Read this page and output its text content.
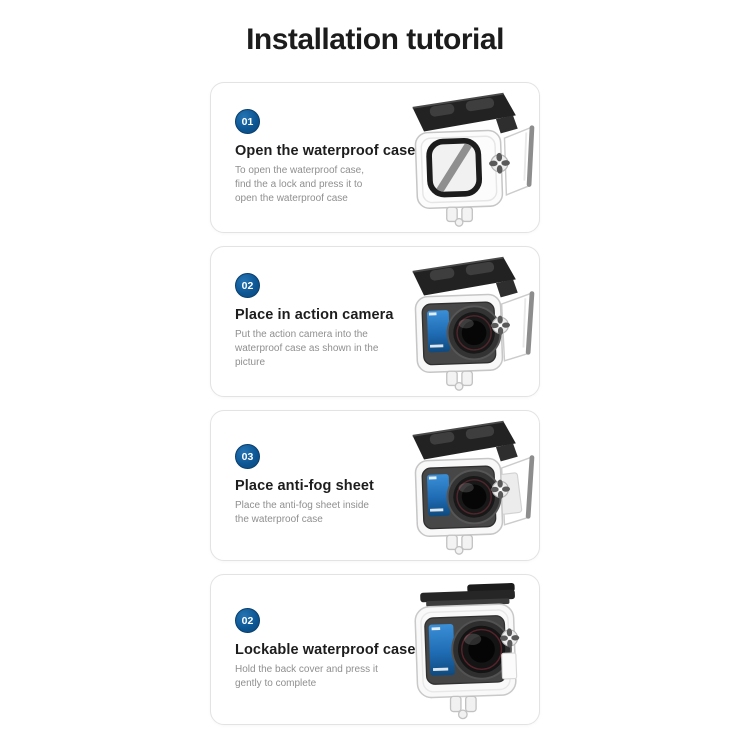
Installation tutorial
01
Open the waterproof case

To open the waterproof case, find the a lock and press it to open the waterproof case

02
Place in action camera

Put the action camera into the waterproof case as shown in the picture

03
Place anti-fog sheet

Place the anti-fog sheet inside the waterproof case

02
Lockable waterproof case

Hold the back cover and press it gently to complete
